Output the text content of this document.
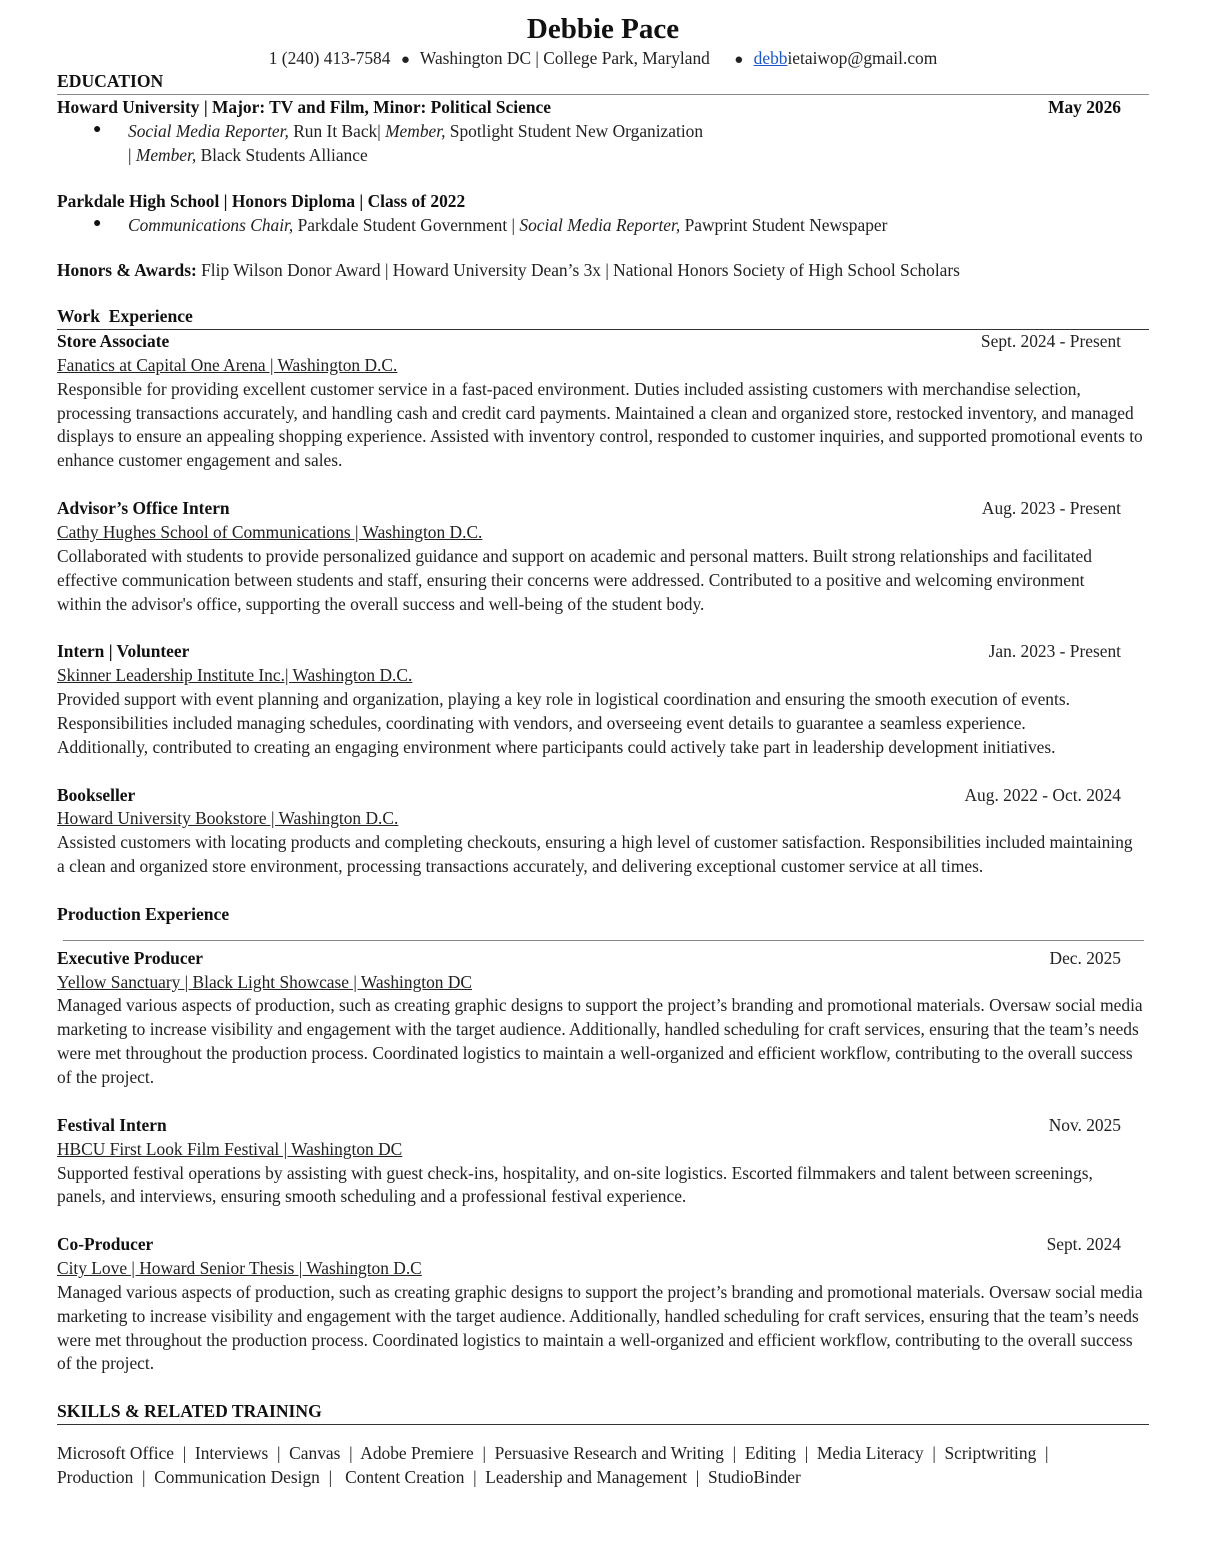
Debbie Pace
1 (240) 413-7584 ● Washington DC | College Park, Maryland ● debbietaiwop@gmail.com
EDUCATION
Howard University | Major: TV and Film, Minor: Political Science	May 2026
● Social Media Reporter, Run It Back| Member, Spotlight Student New Organization
| Member, Black Students Alliance
Parkdale High School | Honors Diploma | Class of 2022
● Communications Chair, Parkdale Student Government | Social Media Reporter, Pawprint Student Newspaper
Honors & Awards: Flip Wilson Donor Award | Howard University Dean’s 3x | National Honors Society of High School Scholars
Work  Experience
Store Associate	Sept. 2024 - Present
Fanatics at Capital One Arena | Washington D.C.
Responsible for providing excellent customer service in a fast-paced environment. Duties included assisting customers with merchandise selection, processing transactions accurately, and handling cash and credit card payments. Maintained a clean and organized store, restocked inventory, and managed displays to ensure an appealing shopping experience. Assisted with inventory control, responded to customer inquiries, and supported promotional events to enhance customer engagement and sales.
Advisor’s Office Intern	Aug. 2023 - Present
Cathy Hughes School of Communications | Washington D.C.
Collaborated with students to provide personalized guidance and support on academic and personal matters. Built strong relationships and facilitated effective communication between students and staff, ensuring their concerns were addressed. Contributed to a positive and welcoming environment within the advisor's office, supporting the overall success and well-being of the student body.
Intern | Volunteer	Jan. 2023 - Present
Skinner Leadership Institute Inc.| Washington D.C.
Provided support with event planning and organization, playing a key role in logistical coordination and ensuring the smooth execution of events. Responsibilities included managing schedules, coordinating with vendors, and overseeing event details to guarantee a seamless experience. Additionally, contributed to creating an engaging environment where participants could actively take part in leadership development initiatives.
Bookseller	Aug. 2022 - Oct. 2024
Howard University Bookstore | Washington D.C.
Assisted customers with locating products and completing checkouts, ensuring a high level of customer satisfaction. Responsibilities included maintaining a clean and organized store environment, processing transactions accurately, and delivering exceptional customer service at all times.
Production Experience
Executive Producer	Dec. 2025
Yellow Sanctuary | Black Light Showcase | Washington DC
Managed various aspects of production, such as creating graphic designs to support the project’s branding and promotional materials. Oversaw social media marketing to increase visibility and engagement with the target audience. Additionally, handled scheduling for craft services, ensuring that the team’s needs were met throughout the production process. Coordinated logistics to maintain a well-organized and efficient workflow, contributing to the overall success of the project.
Festival Intern	Nov. 2025
HBCU First Look Film Festival | Washington DC
Supported festival operations by assisting with guest check-ins, hospitality, and on-site logistics. Escorted filmmakers and talent between screenings, panels, and interviews, ensuring smooth scheduling and a professional festival experience.
Co-Producer	Sept. 2024
City Love | Howard Senior Thesis | Washington D.C
Managed various aspects of production, such as creating graphic designs to support the project’s branding and promotional materials. Oversaw social media marketing to increase visibility and engagement with the target audience. Additionally, handled scheduling for craft services, ensuring that the team’s needs were met throughout the production process. Coordinated logistics to maintain a well-organized and efficient workflow, contributing to the overall success of the project.
SKILLS & RELATED TRAINING
Microsoft Office  |  Interviews  |  Canvas  |  Adobe Premiere  |  Persuasive Research and Writing  |  Editing  |  Media Literacy  |  Scriptwriting  |
Production  |  Communication Design  |   Content Creation  |  Leadership and Management  |  StudioBinder
